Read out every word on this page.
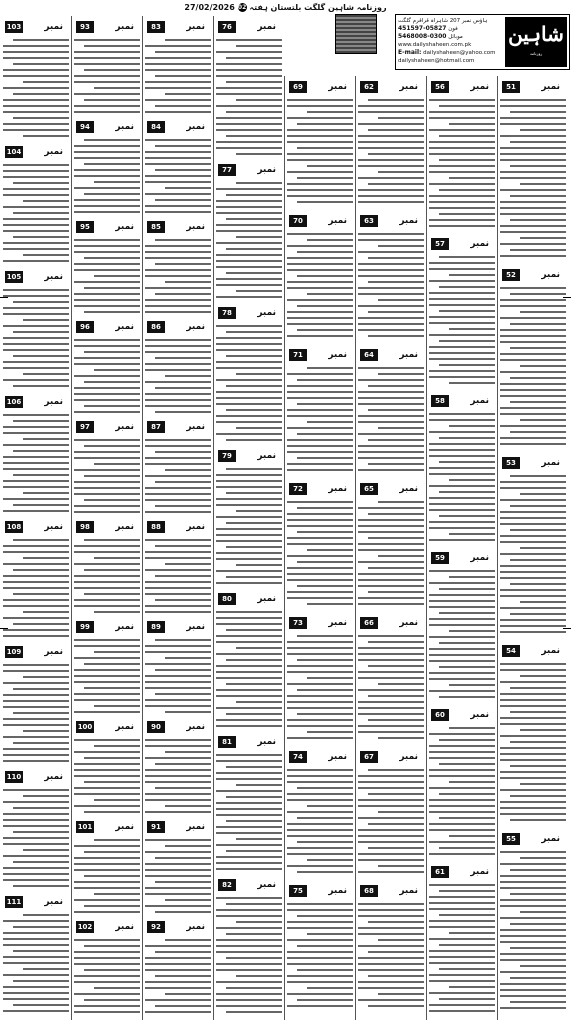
روزنامہ شاہین گلگت بلتستان ہفتہ 02 27/02/2026
شاہین
روزنامہ
ہاؤس نمبر 207 شاہراہ قراقرم گلگت
فون 05827-451597
موبائل 0300-5468008
www.dailyshaheen.com.pk
E-mail: dailyshaheen@yahoo.com
dailyshaheen@hotmail.com
51	نمبر
52	نمبر
53	نمبر
54	نمبر
55	نمبر
56	نمبر
57	نمبر
58	نمبر
59	نمبر
60	نمبر
61	نمبر
62	نمبر
63	نمبر
64	نمبر
65	نمبر
66	نمبر
67	نمبر
68	نمبر
69	نمبر
70	نمبر
71	نمبر
72	نمبر
73	نمبر
74	نمبر
75	نمبر
76	نمبر
77	نمبر
78	نمبر
79	نمبر
80	نمبر
81	نمبر
82	نمبر
83	نمبر
84	نمبر
85	نمبر
86	نمبر
87	نمبر
88	نمبر
89	نمبر
90	نمبر
91	نمبر
92	نمبر
93	نمبر
94	نمبر
95	نمبر
96	نمبر
97	نمبر
98	نمبر
99	نمبر
100	نمبر
101	نمبر
102	نمبر
103	نمبر
104	نمبر
105	نمبر
106	نمبر
108	نمبر
109	نمبر
110	نمبر
111	نمبر
